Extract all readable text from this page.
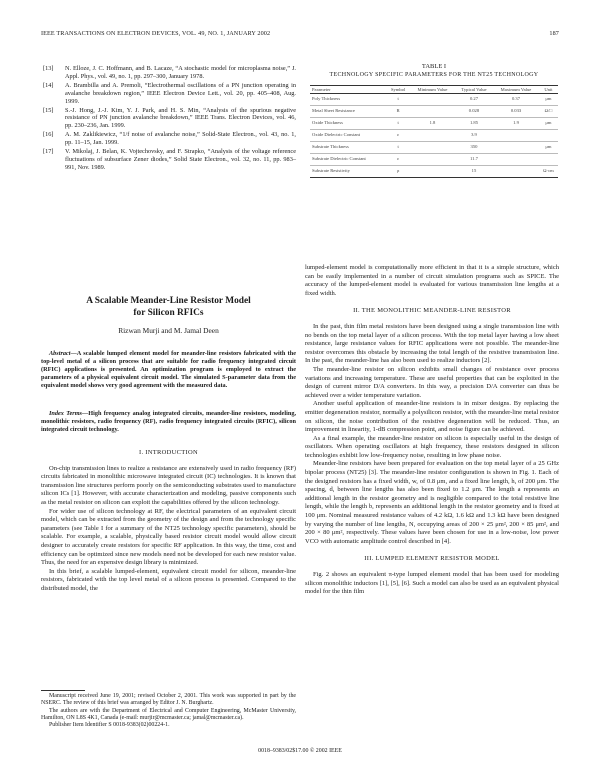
IEEE TRANSACTIONS ON ELECTRON DEVICES, VOL. 49, NO. 1, JANUARY 2002	187
[13]	N. Elloze, J. C. Hoffmann, and B. Lacaze, “A stochastic model for microplasma noise,” J. Appl. Phys., vol. 49, no. 1, pp. 297–300, January 1978.
[14]	A. Brambilla and A. Premoli, “Electrothermal oscillations of a PN junction operating in avalanche breakdown region,” IEEE Electron Device Lett., vol. 20, pp. 405–408, Aug. 1999.
[15]	S.-J. Hong, J.-J. Kim, Y. J. Park, and H. S. Min, “Analysis of the spurious negative resistance of PN junction avalanche breakdown,” IEEE Trans. Electron Devices, vol. 46, pp. 230–236, Jan. 1999.
[16]	A. M. Zaklikiewicz, “1/f noise of avalanche noise,” Solid-State Electron., vol. 43, no. 1, pp. 11–15, Jan. 1999.
[17]	V. Mikolaj, J. Belan, K. Vojtechovsky, and F. Strapko, “Analysis of the voltage reference fluctuations of subsurface Zener diodes,” Solid State Electron., vol. 32, no. 11, pp. 983–991, Nov. 1989.
TABLE I
TECHNOLOGY SPECIFIC PARAMETERS FOR THE NT25 TECHNOLOGY
Parameter	Symbol	Minimum Value	Typical Value	Maximum Value	Unit
Poly Thickness	t		0.27	0.37	μm
Metal Sheet Resistance	R		0.028	0.033	Ω/□
Oxide Thickness	t	1.8	1.85	1.9	μm
Oxide Dielectric Constant	ε		3.9		
Substrate Thickness	t		350		μm
Substrate Dielectric Constant	ε		11.7		
Substrate Resistivity	ρ		15		Ω·cm
A Scalable Meander-Line Resistor Model
for Silicon RFICs
Rizwan Murji and M. Jamal Deen
Abstract—A scalable lumped element model for meander-line resistors fabricated with the top-level metal of a silicon process that are suitable for radio frequency integrated circuit (RFIC) applications is presented. An optimization program is employed to extract the parameters of a physical equivalent circuit model. The simulated S-parameter data from the equivalent model shows very good agreement with the measured data.
Index Terms—High frequency analog integrated circuits, meander-line resistors, modeling, monolithic resistors, radio frequency (RF), radio frequency integrated circuits (RFIC), silicon integrated circuit technology.
I. INTRODUCTION

On-chip transmission lines to realize a resistance are extensively used in radio frequency (RF) circuits fabricated in monolithic microwave integrated circuit (IC) technologies. It is known that transmission line structures perform poorly on the semiconducting substrates used to manufacture silicon ICs [1]. However, with accurate characterization and modeling, passive components such as the metal resistor on silicon can exploit the capabilities offered by the silicon technology.

For wider use of silicon technology at RF, the electrical parameters of an equivalent circuit model, which can be extracted from the geometry of the design and from the technology specific parameters (see Table I for a summary of the NT25 technology specific parameters), should be scalable. For example, a scalable, physically based resistor circuit model would allow circuit designer to accurately create resistors for specific RF application. In this way, the time, cost and efficiency can be optimized since new models need not be developed for each new resistor value. Thus, the need for an expensive design library is minimized.

In this brief, a scalable lumped-element, equivalent circuit model for silicon, meander-line resistors, fabricated with the top level metal of a silicon process is presented. Compared to the distributed model, the

lumped-element model is computationally more efficient in that it is a simple structure, which can be easily implemented in a number of circuit simulation programs such as SPICE. The accuracy of the lumped-element model is evaluated for various transmission line lengths at a fixed width.

II. THE MONOLITHIC MEANDER-LINE RESISTOR

In the past, thin film metal resistors have been designed using a single transmission line with no bends on the top metal layer of a silicon process. With the top metal layer having a low sheet resistance, large resistance values for RFIC applications were not possible. The meander-line resistor overcomes this obstacle by increasing the total length of the resistive transmission line. In the past, the meander-line has also been used to realize inductors [2].

The meander-line resistor on silicon exhibits small changes of resistance over process variations and increasing temperature. These are useful properties that can be exploited in the design of current mirror D/A converters. In this way, a precision D/A converter can thus be achieved over a wider temperature variation.

Another useful application of meander-line resistors is in mixer designs. By replacing the emitter degeneration resistor, normally a polysilicon resistor, with the meander-line metal resistor on silicon, the noise contribution of the resistive degeneration will be reduced. Thus, an improvement in linearity, 1-dB compression point, and noise figure can be achieved.

As a final example, the meander-line resistor on silicon is especially useful in the design of oscillators. When operating oscillators at high frequency, these resistors designed in silicon technologies exhibit low low-frequency noise, resulting in low phase noise.

Meander-line resistors have been prepared for evaluation on the top metal layer of a 25 GHz bipolar process (NT25) [3]. The meander-line resistor configuration is shown in Fig. 1. Each of the designed resistors has a fixed width, w, of 0.8 μm, and a fixed line length, h, of 200 μm. The spacing, d, between line lengths has also been fixed to 1.2 μm. The length a represents an additional length in the resistor geometry and is negligible compared to the total resistive line length, while the length b, represents an additional length in the resistor geometry and is fixed at 100 μm. Nominal measured resistance values of 4.2 kΩ, 1.6 kΩ and 1.3 kΩ have been designed by varying the number of line lengths, N, occupying areas of 200 × 25 μm², 200 × 85 μm², and 200 × 80 μm², respectively. These values have been chosen for use in a low-noise, low power VCO with automatic amplitude control described in [4].

III. LUMPED ELEMENT RESISTOR MODEL

Fig. 2 shows an equivalent π-type lumped element model that has been used for modeling silicon monolithic inductors [1], [5], [6]. Such a model can also be used as an equivalent physical model for the thin film

Manuscript received June 19, 2001; revised October 2, 2001. This work was supported in part by the NSERC. The review of this brief was arranged by Editor J. N. Burghartz.

The authors are with the Department of Electrical and Computer Engineering, McMaster University, Hamilton, ON L8S 4K1, Canada (e-mail: murjir@mcmaster.ca; jamal@mcmaster.ca).

Publisher Item Identifier S 0018-9383(02)00224-1.

0018–9383/02$17.00 © 2002 IEEE
